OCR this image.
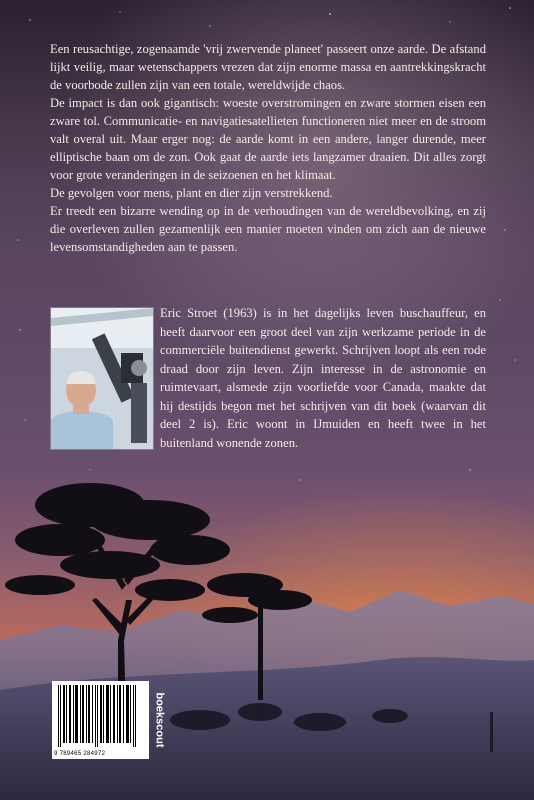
Een reusachtige, zogenaamde 'vrij zwervende planeet' passeert onze aarde. De afstand lijkt veilig, maar wetenschappers vrezen dat zijn enorme massa en aantrekkingskracht de voorbode zullen zijn van een totale, wereldwijde chaos.

De impact is dan ook gigantisch: woeste overstromingen en zware stormen eisen een zware tol. Communicatie- en navigatiesatellieten functioneren niet meer en de stroom valt overal uit. Maar erger nog: de aarde komt in een andere, langer durende, meer elliptische baan om de zon. Ook gaat de aarde iets langzamer draaien. Dit alles zorgt voor grote veranderingen in de seizoenen en het klimaat.

De gevolgen voor mens, plant en dier zijn verstrekkend.

Er treedt een bizarre wending op in de verhoudingen van de wereldbevolking, en zij die overleven zullen gezamenlijk een manier moeten vinden om zich aan de nieuwe levensomstandigheden aan te passen.

Eric Stroet (1963) is in het dagelijks leven buschauffeur, en heeft daarvoor een groot deel van zijn werkzame periode in de commerciële buitendienst gewerkt. Schrijven loopt als een rode draad door zijn leven. Zijn interesse in de astronomie en ruimtevaart, alsmede zijn voorliefde voor Canada, maakte dat hij destijds begon met het schrijven van dit boek (waarvan dit deel 2 is). Eric woont in IJmuiden en heeft twee in het buitenland wonende zonen.
9 789465 284972
boekscout
